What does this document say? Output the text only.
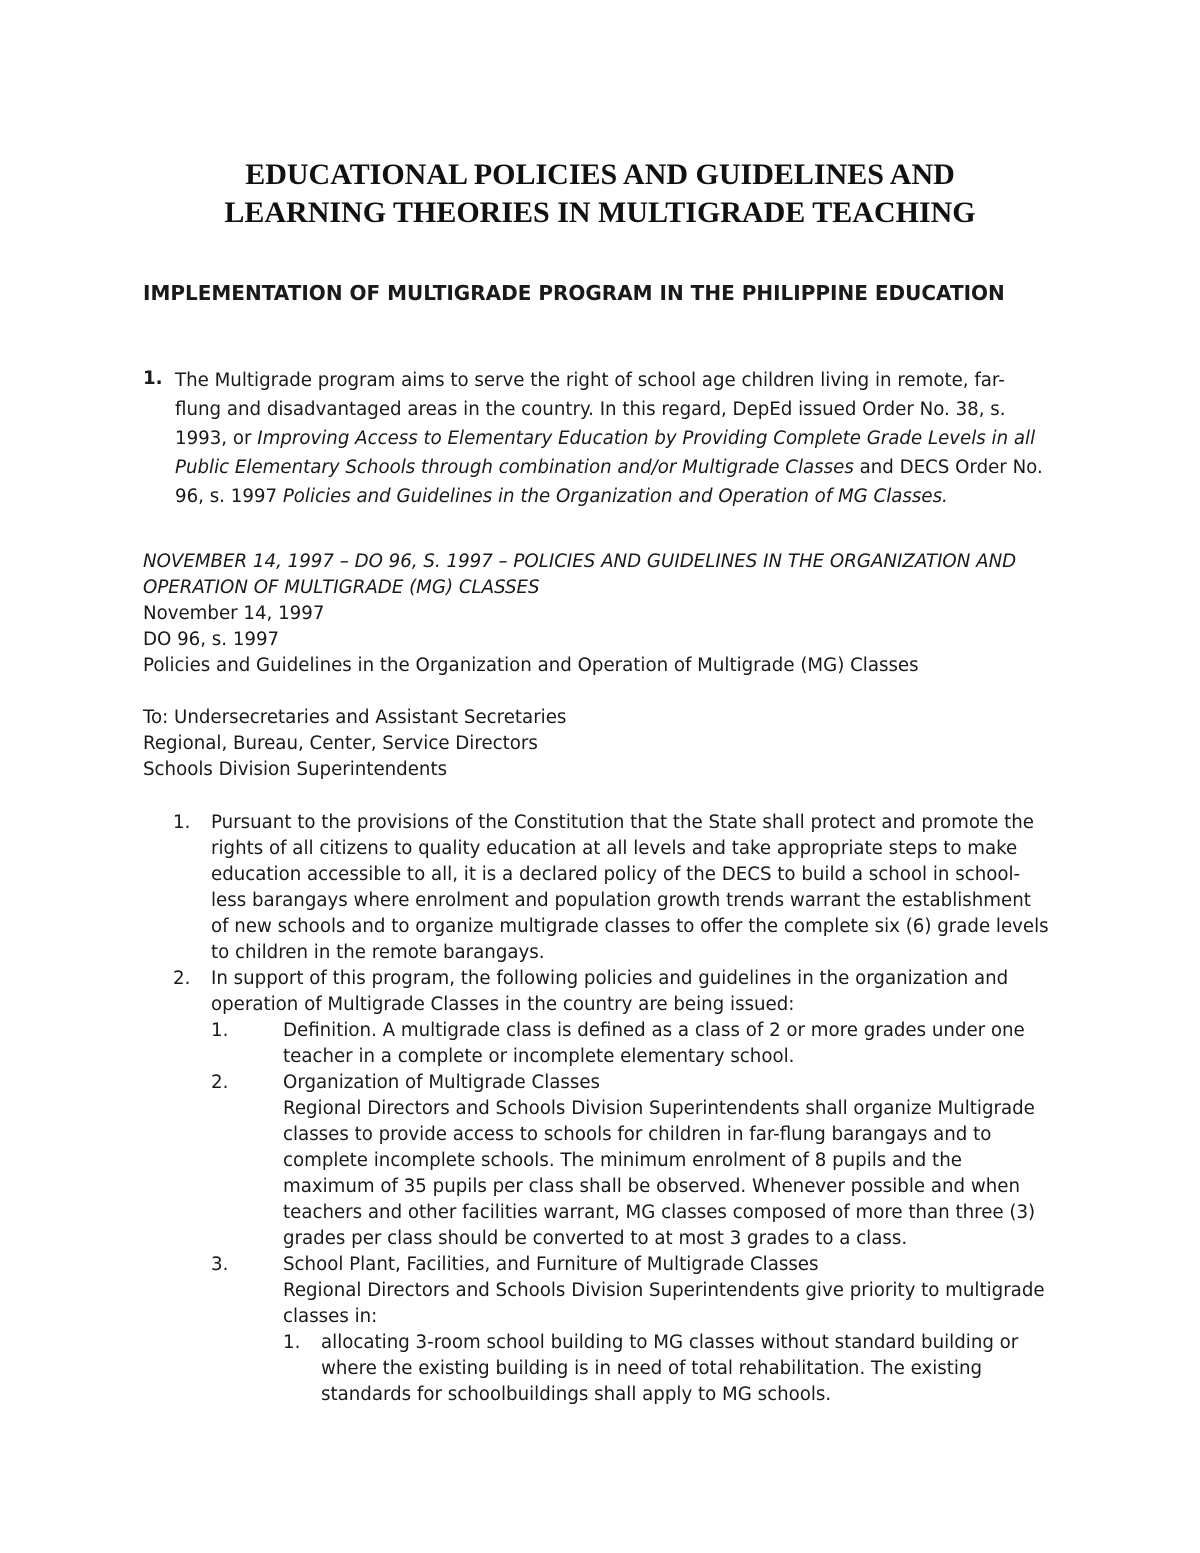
EDUCATIONAL POLICIES AND GUIDELINES AND
LEARNING THEORIES IN MULTIGRADE TEACHING
IMPLEMENTATION OF MULTIGRADE PROGRAM IN THE PHILIPPINE EDUCATION
1. The Multigrade program aims to serve the right of school age children living in remote, far-flung and disadvantaged areas in the country. In this regard, DepEd issued Order No. 38, s. 1993, or Improving Access to Elementary Education by Providing Complete Grade Levels in all Public Elementary Schools through combination and/or Multigrade Classes and DECS Order No. 96, s. 1997 Policies and Guidelines in the Organization and Operation of MG Classes.
NOVEMBER 14, 1997 – DO 96, S. 1997 – POLICIES AND GUIDELINES IN THE ORGANIZATION AND OPERATION OF MULTIGRADE (MG) CLASSES
November 14, 1997
DO 96, s. 1997
Policies and Guidelines in the Organization and Operation of Multigrade (MG) Classes
To: Undersecretaries and Assistant Secretaries
Regional, Bureau, Center, Service Directors
Schools Division Superintendents
1. Pursuant to the provisions of the Constitution that the State shall protect and promote the rights of all citizens to quality education at all levels and take appropriate steps to make education accessible to all, it is a declared policy of the DECS to build a school in school-less barangays where enrolment and population growth trends warrant the establishment of new schools and to organize multigrade classes to offer the complete six (6) grade levels to children in the remote barangays.
2. In support of this program, the following policies and guidelines in the organization and operation of Multigrade Classes in the country are being issued:
1.	Definition. A multigrade class is defined as a class of 2 or more grades under one teacher in a complete or incomplete elementary school.
2.	Organization of Multigrade Classes
Regional Directors and Schools Division Superintendents shall organize Multigrade classes to provide access to schools for children in far-flung barangays and to complete incomplete schools. The minimum enrolment of 8 pupils and the maximum of 35 pupils per class shall be observed. Whenever possible and when teachers and other facilities warrant, MG classes composed of more than three (3) grades per class should be converted to at most 3 grades to a class.
3.	School Plant, Facilities, and Furniture of Multigrade Classes
Regional Directors and Schools Division Superintendents give priority to multigrade classes in:
1. allocating 3-room school building to MG classes without standard building or where the existing building is in need of total rehabilitation. The existing standards for schoolbuildings shall apply to MG schools.
